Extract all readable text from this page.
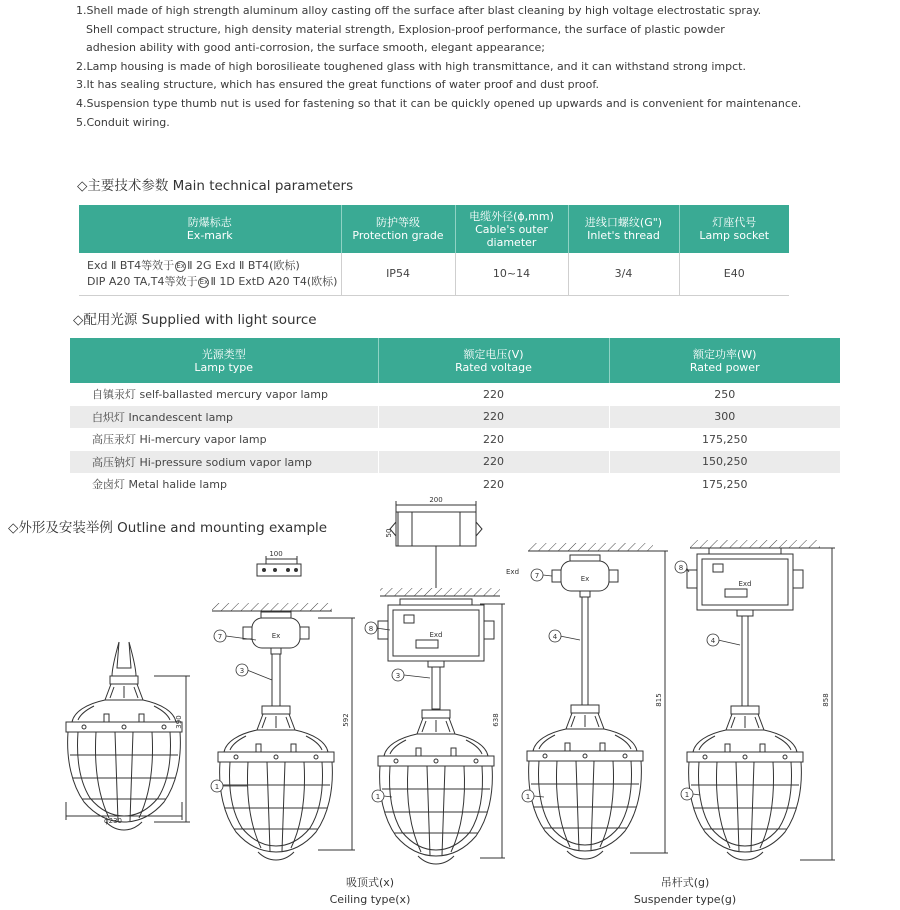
1.Shell made of high strength aluminum alloy casting off the surface after blast cleaning by high voltage electrostatic spray.
Shell compact structure, high density material strength, Explosion-proof performance, the surface of plastic powder
adhesion ability with good anti-corrosion, the surface smooth, elegant appearance;
2.Lamp housing is made of high borosilieate toughened glass with high transmittance, and it can withstand strong impct.
3.It has sealing structure, which has ensured the great functions of water proof and dust proof.
4.Suspension type thumb nut is used for fastening so that it can be quickly opened up upwards and is convenient for maintenance.
5.Conduit wiring.
◇主要技术参数 Main technical parameters
防爆标志
Ex-mark	防护等级
Protection grade	电缆外径(ϕ,mm)
Cable's outer diameter	进线口螺纹(G")
Inlet's thread	灯座代号
Lamp socket
Exd Ⅱ BT4等效于 Ex Ⅱ 2G Exd Ⅱ BT4(欧标)
DIP A20 TA,T4等效于 Ex Ⅱ 1D ExtD A20 T4(欧标)	IP54	10~14	3/4	E40
◇配用光源 Supplied with light source
光源类型
Lamp type	额定电压(V)
Rated voltage	额定功率(W)
Rated power
自镇汞灯 self-ballasted mercury vapor lamp	220	250
白炽灯 Incandescent lamp	220	300
高压汞灯 Hi-mercury vapor lamp	220	175,250
高压钠灯 Hi-pressure sodium vapor lamp	220	150,250
金卤灯 Metal halide lamp	220	175,250
◇外形及安装举例 Outline and mounting example
1
7
3
8
3
1
7
4
1
8
4
1
ϕ230
390
100
592
200
50
638
815	858
Exd
Exd
Exd
Ex
Ex
吸顶式(x)
Ceiling type(x)
吊杆式(g)
Suspender type(g)
